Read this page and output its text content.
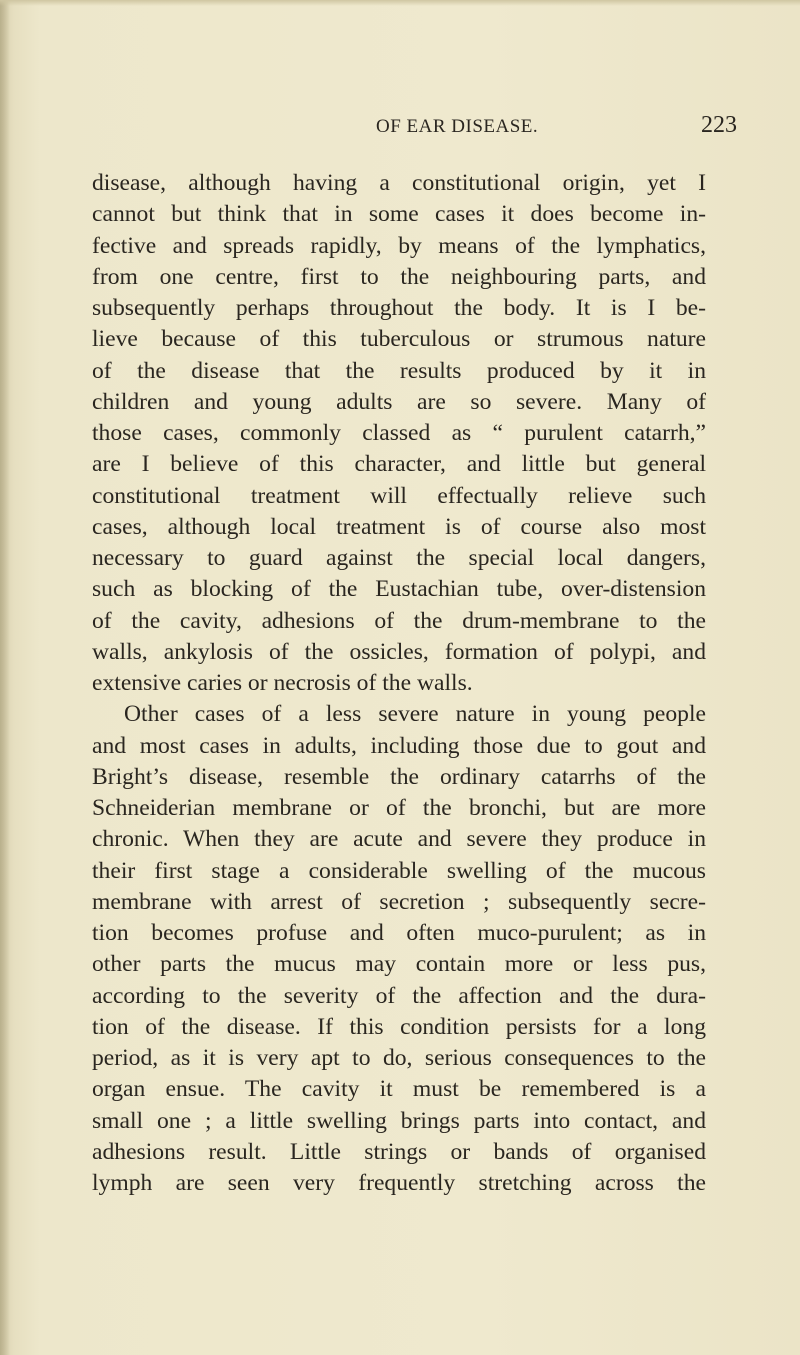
OF EAR DISEASE.	223
disease, although having a constitutional origin, yet I
cannot but think that in some cases it does become in-
fective and spreads rapidly, by means of the lymphatics,
from one centre, first to the neighbouring parts, and
subsequently perhaps throughout the body. It is I be-
lieve because of this tuberculous or strumous nature
of the disease that the results produced by it in
children and young adults are so severe. Many of
those cases, commonly classed as “ purulent catarrh,”
are I believe of this character, and little but general
constitutional treatment will effectually relieve such
cases, although local treatment is of course also most
necessary to guard against the special local dangers,
such as blocking of the Eustachian tube, over-distension
of the cavity, adhesions of the drum-membrane to the
walls, ankylosis of the ossicles, formation of polypi, and
extensive caries or necrosis of the walls.
Other cases of a less severe nature in young people
and most cases in adults, including those due to gout and
Bright’s disease, resemble the ordinary catarrhs of the
Schneiderian membrane or of the bronchi, but are more
chronic. When they are acute and severe they produce in
their first stage a considerable swelling of the mucous
membrane with arrest of secretion ; subsequently secre-
tion becomes profuse and often muco-purulent; as in
other parts the mucus may contain more or less pus,
according to the severity of the affection and the dura-
tion of the disease. If this condition persists for a long
period, as it is very apt to do, serious consequences to the
organ ensue. The cavity it must be remembered is a
small one ; a little swelling brings parts into contact, and
adhesions result. Little strings or bands of organised
lymph are seen very frequently stretching across the
